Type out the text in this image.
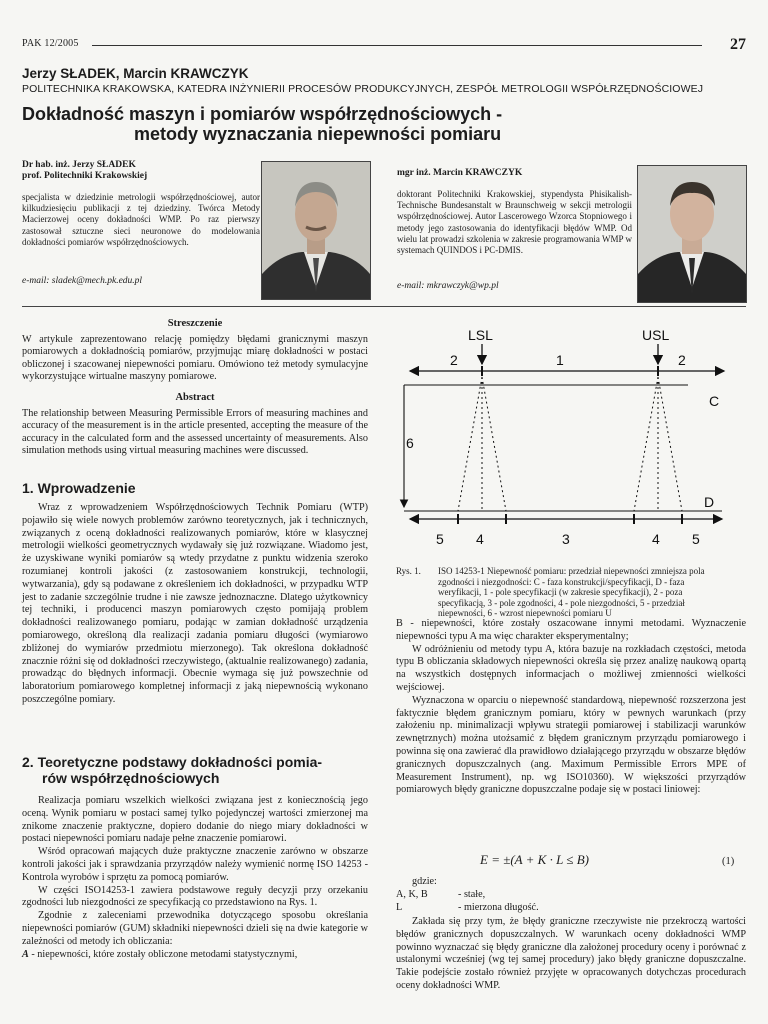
PAK 12/2005	27
Jerzy SŁADEK, Marcin KRAWCZYK
POLITECHNIKA KRAKOWSKA, KATEDRA INŻYNIERII PROCESÓW PRODUKCYJNYCH, ZESPÓŁ METROLOGII WSPÓŁRZĘDNOŚCIOWEJ
Dokładność maszyn i pomiarów współrzędnościowych -
metody wyznaczania niepewności pomiaru
Dr hab. inż. Jerzy SŁADEK
prof. Politechniki Krakowskiej
specjalista w dziedzinie metrologii współrzędnościowej, autor kilkudziesięciu publikacji z tej dziedziny. Twórca Metody Macierzowej oceny dokładności WMP. Po raz pierwszy zastosował sztuczne sieci neuronowe do modelowania dokładności pomiarów współrzędnościowych.
e-mail: sladek@mech.pk.edu.pl
mgr inż. Marcin KRAWCZYK
doktorant Politechniki Krakowskiej, stypendysta Phisikalish-Technische Bundesanstalt w Braunschweig w sekcji metrologii współrzędnościowej. Autor Lascerowego Wzorca Stopniowego i metody jego zastosowania do identyfikacji błędów WMP. Od wielu lat prowadzi szkolenia w zakresie programowania WMP w systemach QUINDOS i PC-DMIS.
e-mail: mkrawczyk@wp.pl
Streszczenie
W artykule zaprezentowano relację pomiędzy błędami granicznymi maszyn pomiarowych a dokładnością pomiarów, przyjmując miarę dokładności w postaci obliczonej i szacowanej niepewności pomiaru. Omówiono też metody symulacyjne wykorzystujące wirtualne maszyny pomiarowe.
Abstract
The relationship between Measuring Permissible Errors of measuring machines and accuracy of the measurement is in the article presented, accepting the measure of the accuracy in the calculated form and the assessed uncertainty of measurements. Also simulation methods using virtual measuring machines were discussed.
1. Wprowadzenie

Wraz z wprowadzeniem Współrzędnościowych Technik Pomiaru (WTP) pojawiło się wiele nowych problemów zarówno teoretycznych, jak i technicznych, związanych z oceną dokładności realizowanych pomiarów, które w klasycznej metrologii wielkości geometrycznych wydawały się już rozwiązane. Wiadomo jest, że uzyskiwane wyniki pomiarów są wtedy przydatne z punktu widzenia szeroko rozumianej kontroli jakości (z zastosowaniem konstrukcji, technologii, wytwarzania), gdy są podawane z określeniem ich dokładności, w przypadku WTP jest to zadanie szczególnie trudne i nie zawsze jednoznaczne. Dlatego użytkownicy tej techniki, i producenci maszyn pomiarowych często pomijają problem dokładności realizowanego pomiaru, podając w zamian dokładność urządzenia pomiarowego, określoną dla realizacji zadania pomiaru długości (wymiarowo zbliżonej do wymiarów przedmiotu mierzonego). Tak określona dokładność znacznie różni się od dokładności rzeczywistego, (aktualnie realizowanego) zadania, prowadząc do błędnych informacji. Obecnie wymaga się już powszechnie od laboratorium pomiarowego kompletnej informacji z jaką niepewnością wykonano poszczególne pomiary.

2. Teoretyczne podstawy dokładności pomia-
rów współrzędnościowych

Realizacja pomiaru wszelkich wielkości związana jest z koniecznością jego oceną. Wynik pomiaru w postaci samej tylko pojedynczej wartości zmierzonej ma znikome znaczenie praktyczne, dopiero dodanie do niego miary dokładności w postaci niepewności pomiaru nadaje pełne znaczenie pomiarowi.

Wśród opracowań mających duże praktyczne znaczenie zarówno w obszarze kontroli jakości jak i sprawdzania przyrządów należy wymienić normę ISO 14253 - Kontrola wyrobów i sprzętu za pomocą pomiarów.

W części ISO14253-1 zawiera podstawowe reguły decyzji przy orzekaniu zgodności lub niezgodności ze specyfikacją co przedstawiono na Rys. 1.

Zgodnie z zaleceniami przewodnika dotyczącego sposobu określania niepewności pomiarów (GUM) składniki niepewności dzieli się na dwie kategorie w zależności od metody ich obliczania:

A - niepewności, które zostały obliczone metodami statystycznymi,

LSL	USL
2	1	2
C
6
D
5 4	3	4 5
Rys. 1.	ISO 14253-1 Niepewność pomiaru: przedział niepewności zmniejsza pola zgodności i niezgodności: C - faza konstrukcji/specyfikacji, D - faza weryfikacji, 1 - pole specyfikacji (w zakresie specyfikacji), 2 - poza specyfikacją, 3 - pole zgodności, 4 - pole niezgodności, 5 - przedział niepewności, 6 - wzrost niepewności pomiaru U

B - niepewności, które zostały oszacowane innymi metodami. Wyznaczenie niepewności typu A ma więc charakter eksperymentalny;

W odróżnieniu od metody typu A, która bazuje na rozkładach częstości, metoda typu B obliczania składowych niepewności określa się przez analizę naukową opartą na wszystkich dostępnych informacjach o możliwej zmienności wielkości wejściowej.

Wyznaczona w oparciu o niepewność standardową, niepewność rozszerzona jest faktycznie błędem granicznym pomiaru, który w pewnych warunkach (przy założeniu np. minimalizacji wpływu strategii pomiarowej i stabilizacji warunków zewnętrznych) można utożsamić z błędem granicznym przyrządu pomiarowego i powinna się ona zawierać dla prawidłowo działającego przyrządu w obszarze błędów granicznych dopuszczalnych (ang. Maximum Permissible Errors MPE of Measurement Instrument), np. wg ISO10360). W większości przyrządów pomiarowych błędy graniczne dopuszczalne podaje się w postaci liniowej:

E = ±(A + K · L ≤ B)	(1)
gdzie:
A, K, B	- stałe,
L	- mierzona długość.

Zakłada się przy tym, że błędy graniczne rzeczywiste nie przekroczą wartości błędów granicznych dopuszczalnych. W warunkach oceny dokładności WMP powinno wyznaczać się błędy graniczne dla założonej procedury oceny i porównać z ustalonymi wcześniej (wg tej samej procedury) jako błędy graniczne dopuszczalne. Takie podejście zostało również przyjęte w opracowanych dotychczas procedurach oceny dokładności WMP.
